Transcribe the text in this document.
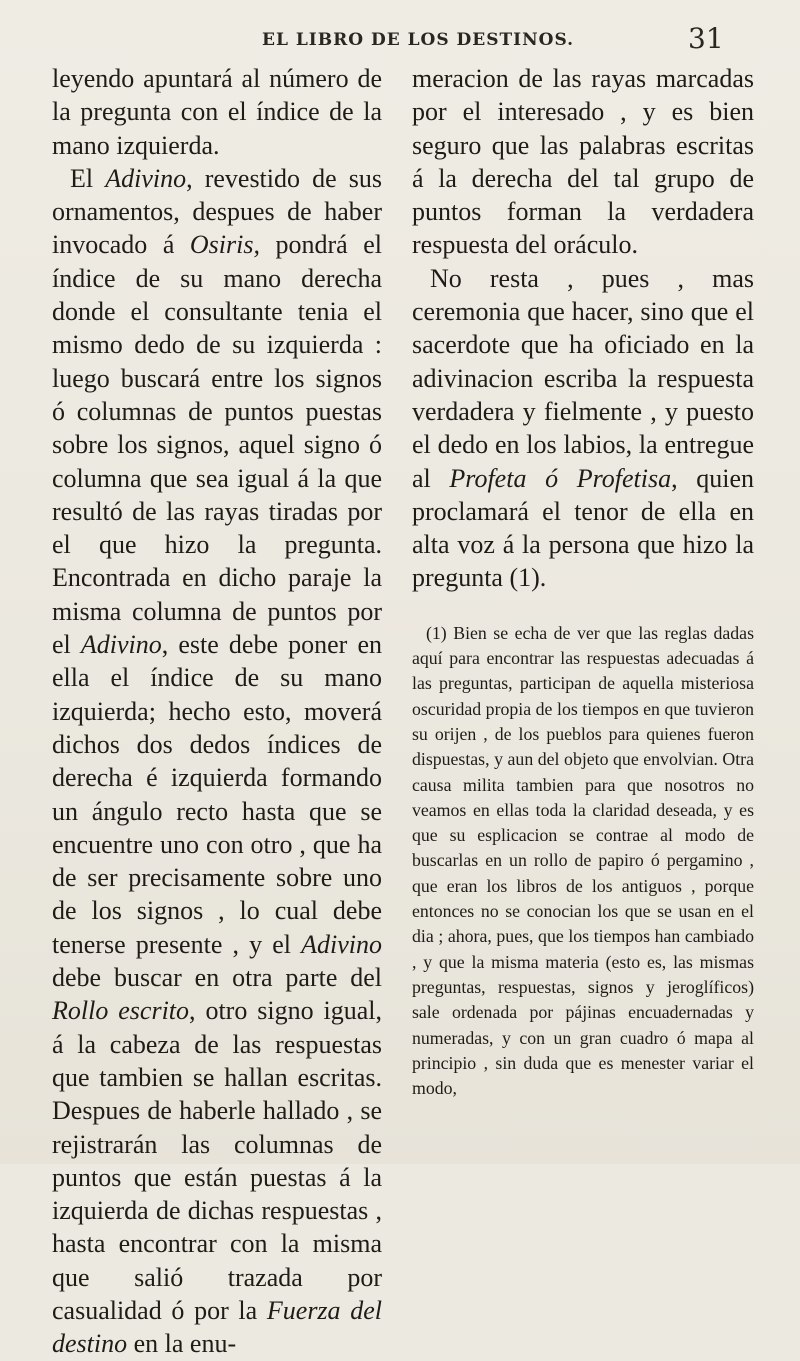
EL LIBRO DE LOS DESTINOS.	31

leyendo apuntará al número de la pregunta con el índice de la mano izquierda.

El Adivino, revestido de sus ornamentos, despues de haber invocado á Osiris, pondrá el índice de su mano derecha donde el consultante tenia el mismo dedo de su izquierda : luego buscará entre los signos ó columnas de puntos puestas sobre los signos, aquel signo ó columna que sea igual á la que resultó de las rayas tiradas por el que hizo la pregunta. Encontrada en dicho paraje la misma columna de puntos por el Adivino, este debe poner en ella el índice de su mano izquierda; hecho esto, moverá dichos dos dedos índices de derecha é izquierda formando un ángulo recto hasta que se encuentre uno con otro , que ha de ser precisamente sobre uno de los signos , lo cual debe tenerse presente , y el Adivino debe buscar en otra parte del Rollo escrito, otro signo igual, á la cabeza de las respuestas que tambien se hallan escritas. Despues de haberle hallado , se rejistrarán las columnas de puntos que están puestas á la izquierda de dichas respuestas , hasta encontrar con la misma que salió trazada por casualidad ó por la Fuerza del destino en la enu-

meracion de las rayas marcadas por el interesado , y es bien seguro que las palabras escritas á la derecha del tal grupo de puntos forman la verdadera respuesta del oráculo.

No resta , pues , mas ceremonia que hacer, sino que el sacerdote que ha oficiado en la adivinacion escriba la respuesta verdadera y fielmente , y puesto el dedo en los labios, la entregue al Profeta ó Profetisa, quien proclamará el tenor de ella en alta voz á la persona que hizo la pregunta (1).

(1) Bien se echa de ver que las reglas dadas aquí para encontrar las respuestas adecuadas á las preguntas, participan de aquella misteriosa oscuridad propia de los tiempos en que tuvieron su orijen , de los pueblos para quienes fueron dispuestas, y aun del objeto que envolvian. Otra causa milita tambien para que nosotros no veamos en ellas toda la claridad deseada, y es que su esplicacion se contrae al modo de buscarlas en un rollo de papiro ó pergamino , que eran los libros de los antiguos , porque entonces no se conocian los que se usan en el dia ; ahora, pues, que los tiempos han cambiado , y que la misma materia (esto es, las mismas preguntas, respuestas, signos y jeroglíficos) sale ordenada por pájinas encuadernadas y numeradas, y con un gran cuadro ó mapa al principio , sin duda que es menester variar el modo,
